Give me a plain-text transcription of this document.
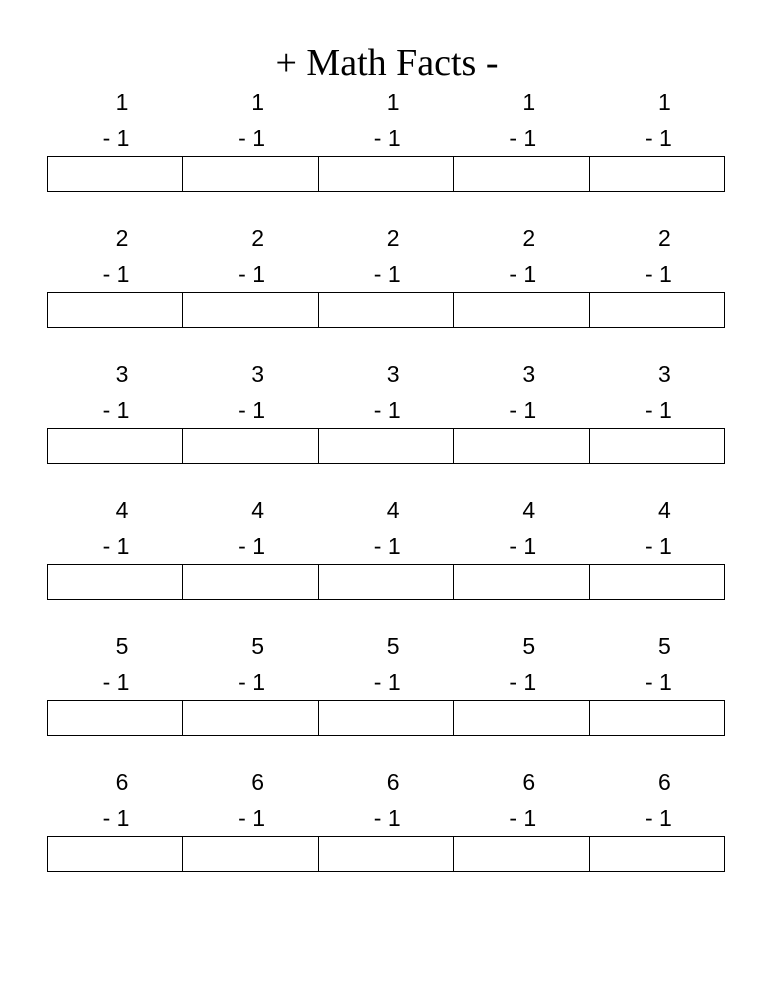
+ Math Facts -
1
- 1
1
- 1
1
- 1
1
- 1
1
- 1
2
- 1
2
- 1
2
- 1
2
- 1
2
- 1
3
- 1
3
- 1
3
- 1
3
- 1
3
- 1
4
- 1
4
- 1
4
- 1
4
- 1
4
- 1
5
- 1
5
- 1
5
- 1
5
- 1
5
- 1
6
- 1
6
- 1
6
- 1
6
- 1
6
- 1
